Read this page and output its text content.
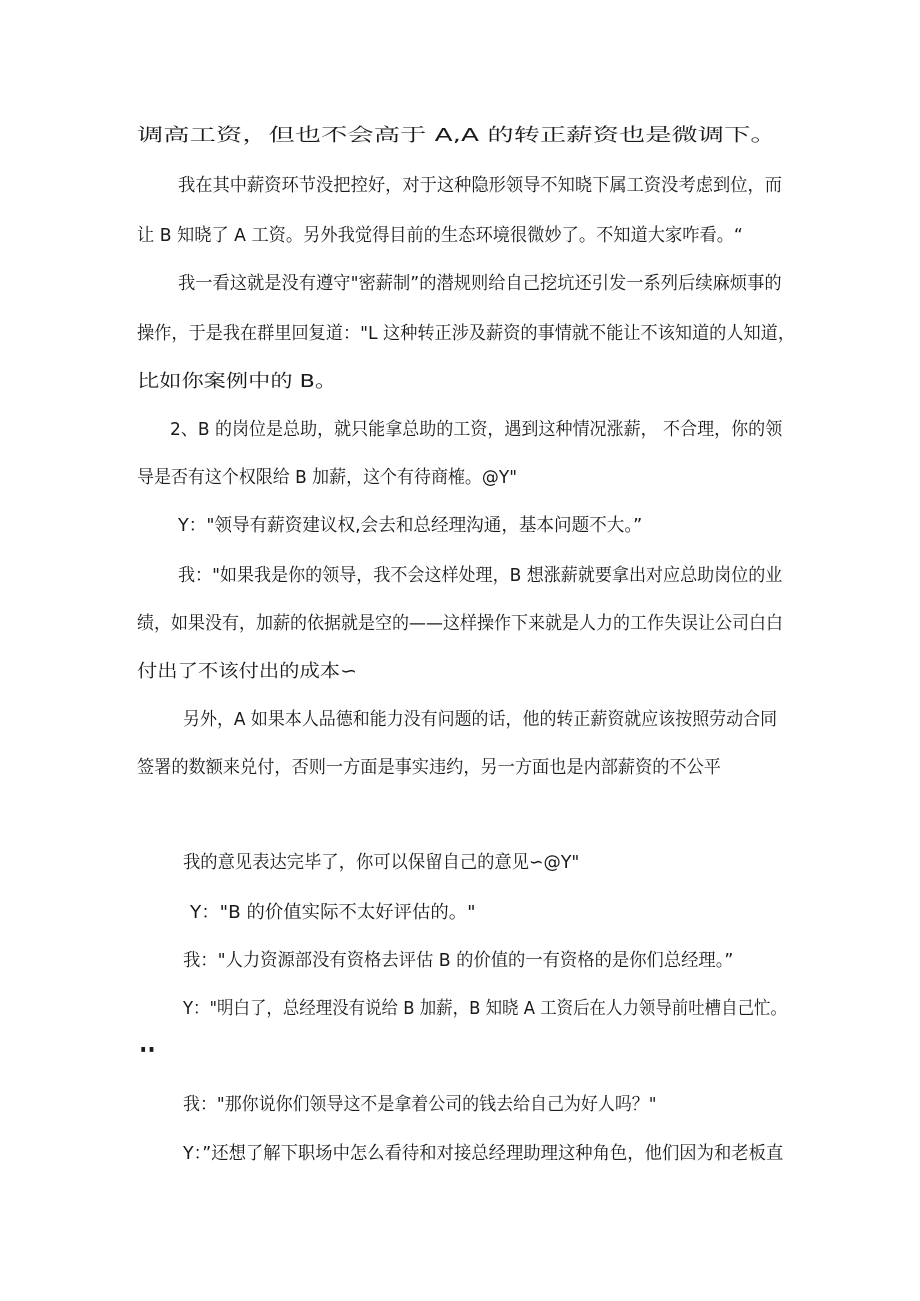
调高工资，但也不会高于 A,A 的转正薪资也是微调下。
我在其中薪资环节没把控好，对于这种隐形领导不知晓下属工资没考虑到位，而
让 B 知晓了 A 工资。另外我觉得目前的生态环境很微妙了。不知道大家咋看。“
我一看这就是没有遵守"密薪制”的潜规则给自己挖坑还引发一系列后续麻烦事的
操作，于是我在群里回复道："L 这种转正涉及薪资的事情就不能让不该知道的人知道，
比如你案例中的 B。
2、B 的岗位是总助，就只能拿总助的工资，遇到这种情况涨薪， 不合理，你的领
导是否有这个权限给 B 加薪，这个有待商榷。@Y"
Y："领导有薪资建议权,会去和总经理沟通，基本问题不大。”
我："如果我是你的领导，我不会这样处理，B 想涨薪就要拿出对应总助岗位的业
绩，如果没有，加薪的依据就是空的——这样操作下来就是人力的工作失误让公司白白
付出了不该付出的成本∽
另外，A 如果本人品德和能力没有问题的话，他的转正薪资就应该按照劳动合同
签署的数额来兑付，否则一方面是事实违约，另一方面也是内部薪资的不公平
我的意见表达完毕了，你可以保留自己的意见∽@Y"
Y："B 的价值实际不太好评估的。"
我："人力资源部没有资格去评估 B 的价值的一有资格的是你们总经理。”
Y："明白了，总经理没有说给 B 加薪，B 知晓 A 工资后在人力领导前吐槽自己忙。
"
我："那你说你们领导这不是拿着公司的钱去给自己为好人吗？"
Y：”还想了解下职场中怎么看待和对接总经理助理这种角色，他们因为和老板直
